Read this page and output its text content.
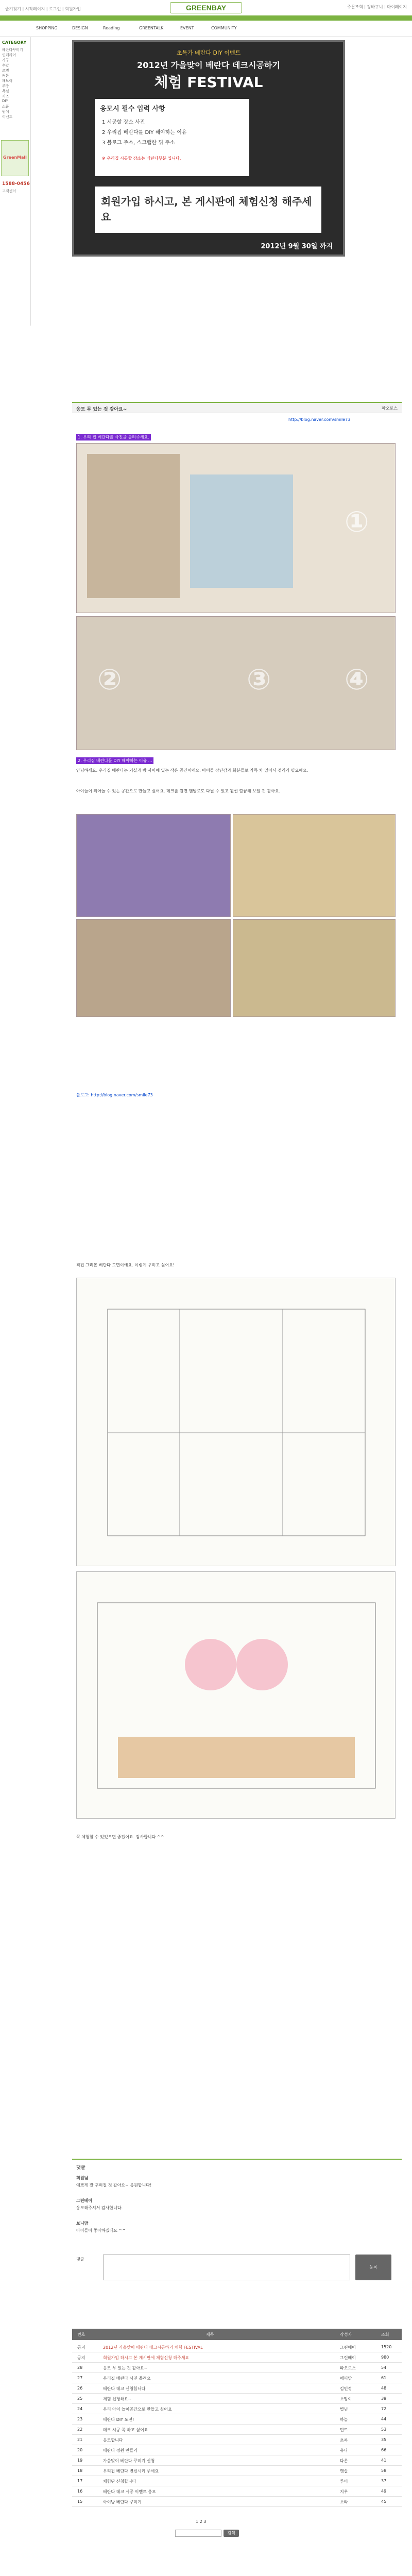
즐겨찾기 | 시작페이지 | 로그인 | 회원가입	GREENBAY	주문조회 | 장바구니 | 마이페이지
SHOPPING	DESIGN	Reading	GREENTALK	EVENT	COMMUNITY
CATEGORY
베란다꾸미기
인테리어
가구
수납
조명
커튼
패브릭
주방
욕실
키즈
DIY
소품
원예
이벤트
GreenMall
1588-0456
고객센터
초특가 베란다 DIY 이벤트
2012년 가을맞이 베란다 데크시공하기
체험 FESTIVAL
응모시 필수 입력 사항
1 시공할 장소 사진
2 우리집 베란다를 DIY 해야하는 이유
3 블로그 주소, 스크랩한 뒤 주소
※ 우리집 시공할 장소는 베란다부분 입니다.
회원가입 하시고, 본 게시판에 체험신청 해주세요
2012년 9월 30일 까지
응모 무 있는 것 같아요~	파오로스
http://blog.naver.com/smile73
1. 우리 집 베란다를 사진을 올려주세요.
①
②	③	④
2. 우리집 베란다를 DIY 해야하는 이유 ...
안녕하세요. 우리집 베란다는 거실과 방 사이에 있는 작은 공간이에요. 아이들 장난감과 화분들로 가득 차 있어서 정리가 필요해요.
아이들이 뛰어놀 수 있는 공간으로 만들고 싶어요. 데크를 깔면 맨발로도 다닐 수 있고 훨씬 깔끔해 보일 것 같아요.
블로그: http://blog.naver.com/smile73
직접 그려본 베란다 도면이에요. 이렇게 꾸미고 싶어요!
꼭 체험할 수 있었으면 좋겠어요. 감사합니다 ^^
댓글
회원님
예쁘게 잘 꾸며질 것 같아요~ 응원합니다!
그린베이
응모해주셔서 감사합니다.
보니맘
아이들이 좋아하겠네요 ^^
댓글
등록
번호	제목	작성자	조회
공지	2012년 가을맞이 베란다 데크시공하기 체험 FESTIVAL	그린베이	1520
공지	회원가입 하시고 본 게시판에 체험신청 해주세요	그린베이	980
28	응모 무 있는 것 같아요~	파오로스	54
27	우리집 베란다 사진 올려요	해피맘	61
26	베란다 데크 신청합니다	김민정	48
25	체험 신청해요~	소망이	39
24	우리 아이 놀이공간으로 만들고 싶어요	별님	72
23	베란다 DIY 도전!	하늘	44
22	데크 시공 꼭 하고 싶어요	민트	53
21	응모합니다	초록	35
20	베란다 정원 만들기	유나	66
19	가을맞이 베란다 꾸미기 신청	다온	41
18	우리집 베란다 변신시켜 주세요	햇살	58
17	체험단 신청합니다	루비	37
16	베란다 데크 시공 이벤트 응모	지우	49
15	아이방 베란다 꾸미기	소라	45
1 2 3
검색
